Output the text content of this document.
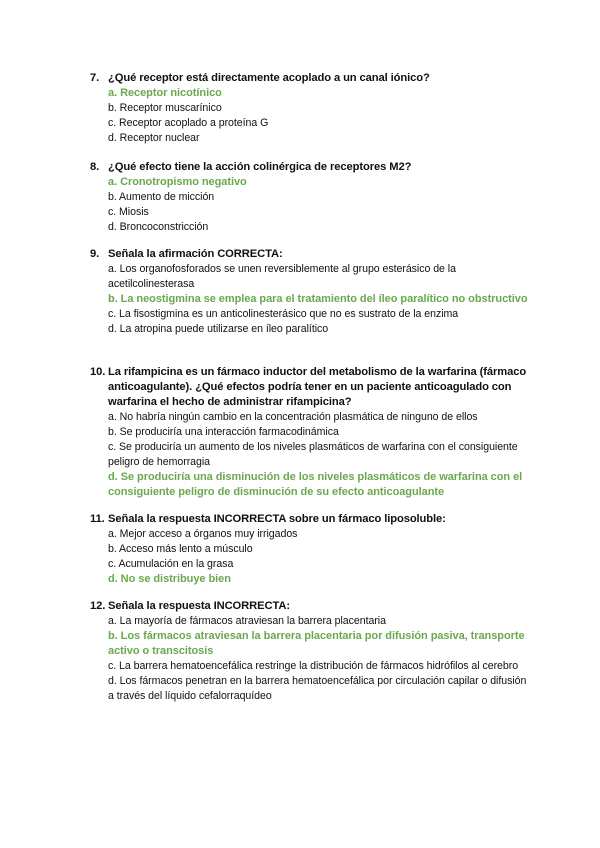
7. ¿Qué receptor está directamente acoplado a un canal iónico?
a. Receptor nicotínico
b. Receptor muscarínico
c. Receptor acoplado a proteína G
d. Receptor nuclear
8. ¿Qué efecto tiene la acción colinérgica de receptores M2?
a. Cronotropismo negativo
b. Aumento de micción
c. Miosis
d. Broncoconstricción
9. Señala la afirmación CORRECTA:
a. Los organofosforados se unen reversiblemente al grupo esterásico de la acetilcolinesterasa
b. La neostigmina se emplea para el tratamiento del íleo paralítico no obstructivo
c. La fisostigmina es un anticolinesterásico que no es sustrato de la enzima
d. La atropina puede utilizarse en íleo paralítico
10. La rifampicina es un fármaco inductor del metabolismo de la warfarina (fármaco anticoagulante). ¿Qué efectos podría tener en un paciente anticoagulado con warfarina el hecho de administrar rifampicina?
a. No habría ningún cambio en la concentración plasmática de ninguno de ellos
b. Se produciría una interacción farmacodinámica
c. Se produciría un aumento de los niveles plasmáticos de warfarina con el consiguiente peligro de hemorragia
d. Se produciría una disminución de los niveles plasmáticos de warfarina con el consiguiente peligro de disminución de su efecto anticoagulante
11. Señala la respuesta INCORRECTA sobre un fármaco liposoluble:
a. Mejor acceso a órganos muy irrigados
b. Acceso más lento a músculo
c. Acumulación en la grasa
d. No se distribuye bien
12. Señala la respuesta INCORRECTA:
a. La mayoría de fármacos atraviesan la barrera placentaria
b. Los fármacos atraviesan la barrera placentaria por difusión pasiva, transporte activo o transcitosis
c. La barrera hematoencefálica restringe la distribución de fármacos hidrófilos al cerebro
d. Los fármacos penetran en la barrera hematoencefálica por circulación capilar o difusión a través del líquido cefalorraquídeo
